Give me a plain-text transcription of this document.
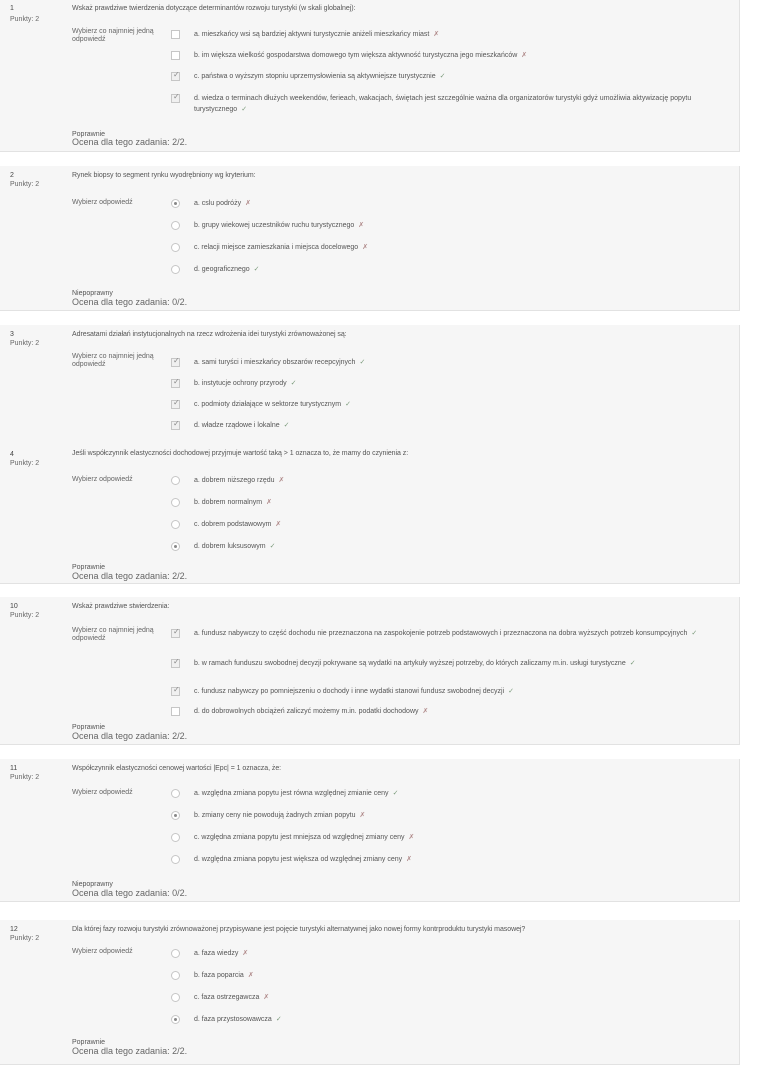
1
Punkty: 2
Wskaż prawdziwe twierdzenia dotyczące determinantów rozwoju turystyki (w skali globalnej):
Wybierz co najmniej jedną odpowiedź
a. mieszkańcy wsi są bardziej aktywni turystycznie aniżeli mieszkańcy miast ✗
b. im większa wielkość gospodarstwa domowego tym większa aktywność turystyczna jego mieszkańców ✗
✓
c. państwa o wyższym stopniu uprzemysłowienia są aktywniejsze turystycznie ✓
✓
d. wiedza o terminach dłużych weekendów, ferieach, wakacjach, świętach jest szczególnie ważna dla organizatorów turystyki gdyż umożliwia aktywizację popytu turystycznego ✓
Poprawnie
Ocena dla tego zadania: 2/2.
2
Punkty: 2
Rynek biopsy to segment rynku wyodrębniony wg kryterium:
Wybierz odpowiedź	a. cslu podróży ✗
b. grupy wiekowej uczestników ruchu turystycznego ✗
c. relacji miejsce zamieszkania i miejsca docelowego ✗
d. geograficznego ✓
Niepoprawny
Ocena dla tego zadania: 0/2.
3
Punkty: 2
Adresatami działań instytucjonalnych na rzecz wdrożenia idei turystyki zrównoważonej są:
Wybierz co najmniej jedną odpowiedź
✓	a. sami turyści i mieszkańcy obszarów recepcyjnych ✓
✓
b. instytucje ochrony przyrody ✓
✓
c. podmioty działające w sektorze turystycznym ✓
✓
d. władze rządowe i lokalne ✓
4
Punkty: 2
Jeśli współczynnik elastyczności dochodowej przyjmuje wartość taką > 1 oznacza to, że mamy do czynienia z:
Wybierz odpowiedź	a. dobrem niższego rzędu ✗
b. dobrem normalnym ✗
c. dobrem podstawowym ✗
d. dobrem luksusowym ✓
Poprawnie
Ocena dla tego zadania: 2/2.
10
Punkty: 2
Wskaż prawdziwe stwierdzenia:
Wybierz co najmniej jedną odpowiedź
✓
a. fundusz nabywczy to część dochodu nie przeznaczona na zaspokojenie potrzeb podstawowych i przeznaczona na dobra wyższych potrzeb konsumpcyjnych ✓
✓
b. w ramach funduszu swobodnej decyzji pokrywane są wydatki na artykuły wyższej potrzeby, do których zaliczamy m.in. usługi turystyczne ✓
✓
c. fundusz nabywczy po pomniejszeniu o dochody i inne wydatki stanowi fundusz swobodnej decyzji ✓
d. do dobrowolnych obciążeń zaliczyć możemy m.in. podatki dochodowy ✗
Poprawnie
Ocena dla tego zadania: 2/2.
11
Punkty: 2
Współczynnik elastyczności cenowej wartości |Epc| = 1 oznacza, że:
Wybierz odpowiedź	a. względna zmiana popytu jest równa względnej zmianie ceny ✓
b. zmiany ceny nie powodują żadnych zmian popytu ✗
c. względna zmiana popytu jest mniejsza od względnej zmiany ceny ✗
d. względna zmiana popytu jest większa od względnej zmiany ceny ✗
Niepoprawny
Ocena dla tego zadania: 0/2.
12
Punkty: 2
Dla której fazy rozwoju turystyki zrównoważonej przypisywane jest pojęcie turystyki alternatywnej jako nowej formy kontrproduktu turystyki masowej?
Wybierz odpowiedź	a. faza wiedzy ✗
b. faza poparcia ✗
c. faza ostrzegawcza ✗
d. faza przystosowawcza ✓
Poprawnie
Ocena dla tego zadania: 2/2.
